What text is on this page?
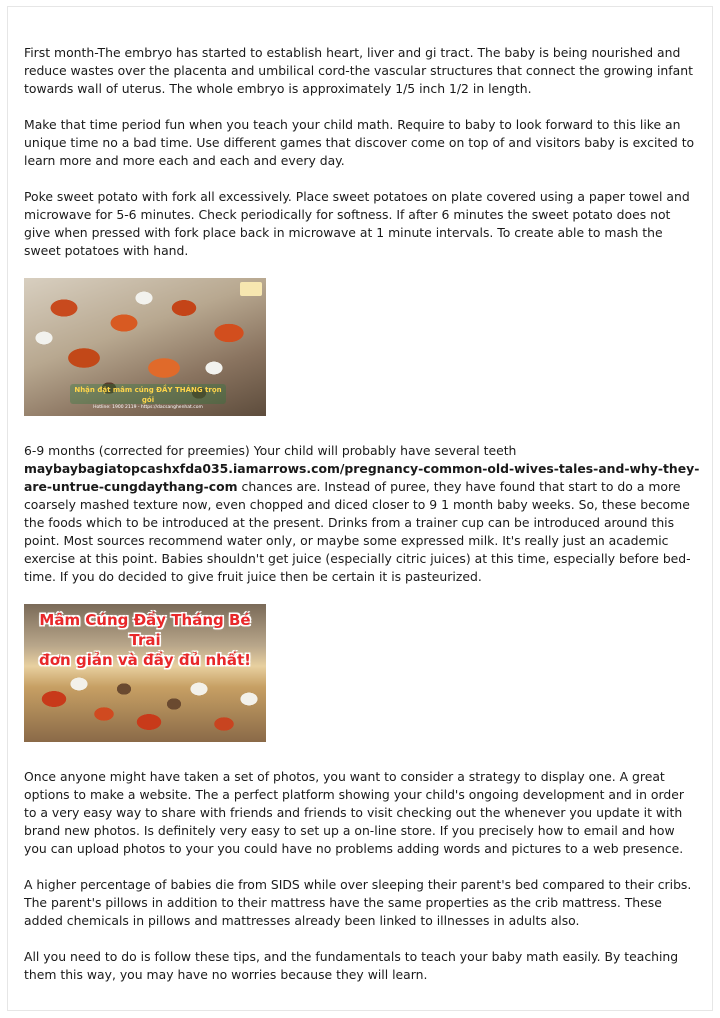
First month-The embryo has started to establish heart, liver and gi tract. The baby is being nourished and reduce wastes over the placenta and umbilical cord-the vascular structures that connect the growing infant towards wall of uterus. The whole embryo is approximately 1/5 inch 1/2 in length.

Make that time period fun when you teach your child math. Require to baby to look forward to this like an unique time no a bad time. Use different games that discover come on top of and visitors baby is excited to learn more and more each and each and every day.

Poke sweet potato with fork all excessively. Place sweet potatoes on plate covered using a paper towel and microwave for 5-6 minutes. Check periodically for softness. If after 6 minutes the sweet potato does not give when pressed with fork place back in microwave at 1 minute intervals. To create able to mash the sweet potatoes with hand.

Nhận đặt mâm cúng ĐẦY THÁNG trọn gói
Hotline: 1900 2119 - https://dacsanghenhat.com

6-9 months (corrected for preemies) Your child will probably have several teeth
maybaybagiatopcashxfda035.iamarrows.com/pregnancy-common-old-wives-tales-and-why-they-are-untrue-cungdaythang-com chances are. Instead of puree, they have found that start to do a more coarsely mashed texture now, even chopped and diced closer to 9 1 month baby weeks. So, these become the foods which to be introduced at the present. Drinks from a trainer cup can be introduced around this point. Most sources recommend water only, or maybe some expressed milk. It's really just an academic exercise at this point. Babies shouldn't get juice (especially citric juices) at this time, especially before bed-time. If you do decided to give fruit juice then be certain it is pasteurized.

Mâm Cúng Đầy Tháng Bé Trai
đơn giản và đầy đủ nhất!

Once anyone might have taken a set of photos, you want to consider a strategy to display one. A great options to make a website. The a perfect platform showing your child's ongoing development and in order to a very easy way to share with friends and friends to visit checking out the whenever you update it with brand new photos. Is definitely very easy to set up a on-line store. If you precisely how to email and how you can upload photos to your you could have no problems adding words and pictures to a web presence.

A higher percentage of babies die from SIDS while over sleeping their parent's bed compared to their cribs. The parent's pillows in addition to their mattress have the same properties as the crib mattress. These added chemicals in pillows and mattresses already been linked to illnesses in adults also.

All you need to do is follow these tips, and the fundamentals to teach your baby math easily. By teaching them this way, you may have no worries because they will learn.
